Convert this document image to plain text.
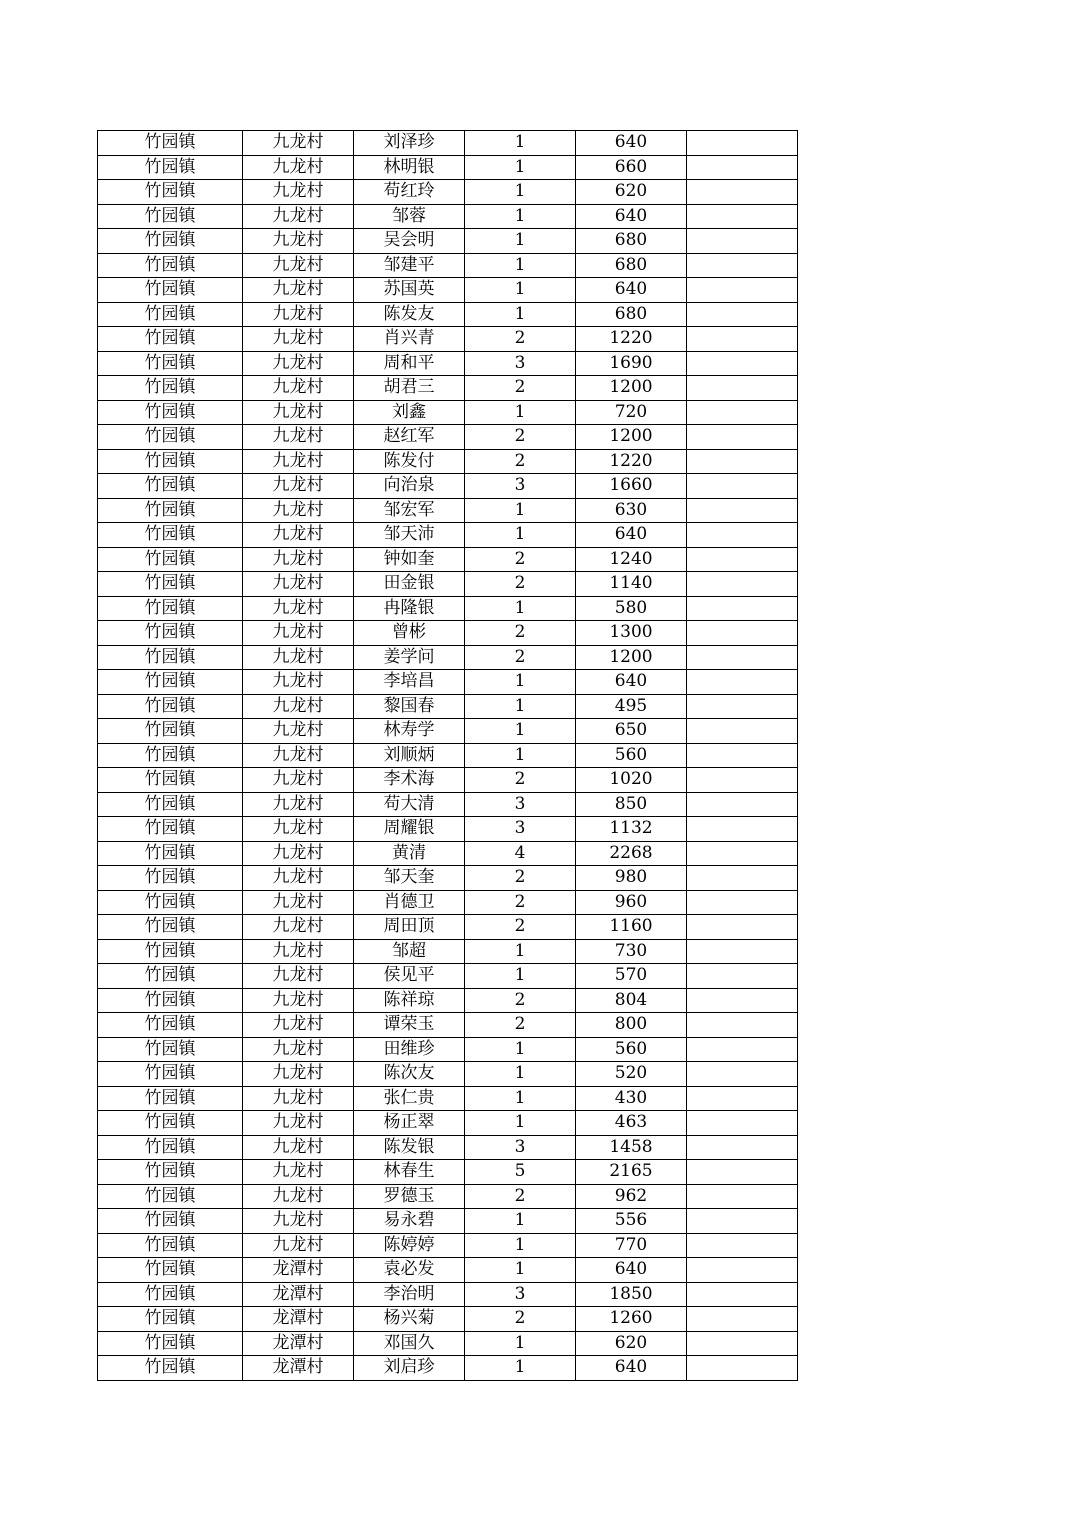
竹园镇	九龙村	刘泽珍	1	640	
竹园镇	九龙村	林明银	1	660	
竹园镇	九龙村	苟红玲	1	620	
竹园镇	九龙村	邹蓉	1	640	
竹园镇	九龙村	吴会明	1	680	
竹园镇	九龙村	邹建平	1	680	
竹园镇	九龙村	苏国英	1	640	
竹园镇	九龙村	陈发友	1	680	
竹园镇	九龙村	肖兴青	2	1220	
竹园镇	九龙村	周和平	3	1690	
竹园镇	九龙村	胡君三	2	1200	
竹园镇	九龙村	刘鑫	1	720	
竹园镇	九龙村	赵红军	2	1200	
竹园镇	九龙村	陈发付	2	1220	
竹园镇	九龙村	向治泉	3	1660	
竹园镇	九龙村	邹宏军	1	630	
竹园镇	九龙村	邹天沛	1	640	
竹园镇	九龙村	钟如奎	2	1240	
竹园镇	九龙村	田金银	2	1140	
竹园镇	九龙村	冉隆银	1	580	
竹园镇	九龙村	曾彬	2	1300	
竹园镇	九龙村	姜学问	2	1200	
竹园镇	九龙村	李培昌	1	640	
竹园镇	九龙村	黎国春	1	495	
竹园镇	九龙村	林寿学	1	650	
竹园镇	九龙村	刘顺炳	1	560	
竹园镇	九龙村	李术海	2	1020	
竹园镇	九龙村	苟大清	3	850	
竹园镇	九龙村	周耀银	3	1132	
竹园镇	九龙村	黄清	4	2268	
竹园镇	九龙村	邹天奎	2	980	
竹园镇	九龙村	肖德卫	2	960	
竹园镇	九龙村	周田顶	2	1160	
竹园镇	九龙村	邹超	1	730	
竹园镇	九龙村	侯见平	1	570	
竹园镇	九龙村	陈祥琼	2	804	
竹园镇	九龙村	谭荣玉	2	800	
竹园镇	九龙村	田维珍	1	560	
竹园镇	九龙村	陈次友	1	520	
竹园镇	九龙村	张仁贵	1	430	
竹园镇	九龙村	杨正翠	1	463	
竹园镇	九龙村	陈发银	3	1458	
竹园镇	九龙村	林春生	5	2165	
竹园镇	九龙村	罗德玉	2	962	
竹园镇	九龙村	易永碧	1	556	
竹园镇	九龙村	陈婷婷	1	770	
竹园镇	龙潭村	袁必发	1	640	
竹园镇	龙潭村	李治明	3	1850	
竹园镇	龙潭村	杨兴菊	2	1260	
竹园镇	龙潭村	邓国久	1	620	
竹园镇	龙潭村	刘启珍	1	640	
